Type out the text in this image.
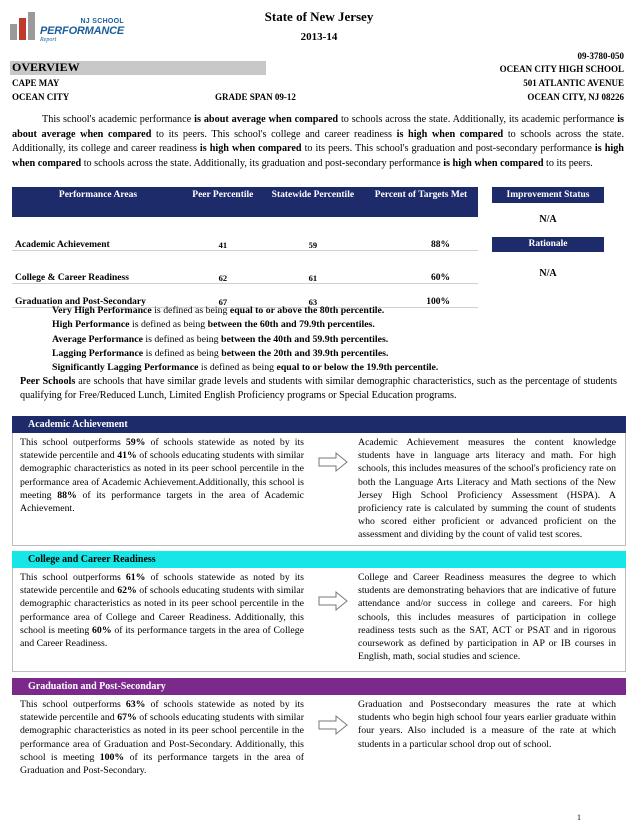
NJ SCHOOL
PERFORMANCE
Report
State of New Jersey
2013-14
OVERVIEW
CAPE MAY
OCEAN CITY	GRADE SPAN 09-12
09-3780-050
OCEAN CITY HIGH SCHOOL
501 ATLANTIC AVENUE
OCEAN CITY, NJ 08226
This school's academic performance is about average when compared to schools across the state. Additionally, its academic performance is about average when compared to its peers. This school's college and career readiness is high when compared to schools across the state. Additionally, its college and career readiness is high when compared to its peers. This school's graduation and post-secondary performance is high when compared to schools across the state. Additionally, its graduation and post-secondary performance is high when compared to its peers.
Performance Areas	Peer Percentile	Statewide Percentile	Percent of Targets Met
Academic Achievement	41	59	88%
College & Career Readiness	62	61	60%
Graduation and Post-Secondary	67	63	100%
Improvement Status
N/A
Rationale
N/A
Very High Performance is defined as being equal to or above the 80th percentile.
High Performance is defined as being between the 60th and 79.9th percentiles.
Average Performance is defined as being between the 40th and 59.9th percentiles.
Lagging Performance is defined as being between the 20th and 39.9th percentiles.
Significantly Lagging Performance is defined as being equal to or below the 19.9th percentile.
Peer Schools are schools that have similar grade levels and students with similar demographic characteristics, such as the percentage of students qualifying for Free/Reduced Lunch, Limited English Proficiency programs or Special Education programs.
Academic Achievement
This school outperforms 59% of schools statewide as noted by its statewide percentile and 41% of schools educating students with similar demographic characteristics as noted in its peer school percentile in the performance area of Academic Achievement.Additionally, this school is meeting 88% of its performance targets in the area of Academic Achievement.
Academic Achievement measures the content knowledge students have in language arts literacy and math. For high schools, this includes measures of the school's proficiency rate on both the Language Arts Literacy and Math sections of the New Jersey High School Proficiency Assessment (HSPA). A proficiency rate is calculated by summing the count of students who scored either proficient or advanced proficient on the assessment and dividing by the count of valid test scores.
College and Career Readiness
This school outperforms 61% of schools statewide as noted by its statewide percentile and 62% of schools educating students with similar demographic characteristics as noted in its peer school percentile in the performance area of College and Career Readiness. Additionally, this school is meeting 60% of its performance targets in the area of College and Career Readiness.
College and Career Readiness measures the degree to which students are demonstrating behaviors that are indicative of future attendance and/or success in college and careers. For high schools, this includes measures of participation in college readiness tests such as the SAT, ACT or PSAT and in rigorous coursework as defined by participation in AP or IB courses in English, math, social studies and science.
Graduation and Post-Secondary
This school outperforms 63% of schools statewide as noted by its statewide percentile and 67% of schools educating students with similar demographic characteristics as noted in its peer school percentile in the performance area of Graduation and Post-Secondary. Additionally, this school is meeting 100% of its performance targets in the area of Graduation and Post-Secondary.
Graduation and Postsecondary measures the rate at which students who begin high school four years earlier graduate within four years. Also included is a measure of the rate at which students in a particular school drop out of school.
1
